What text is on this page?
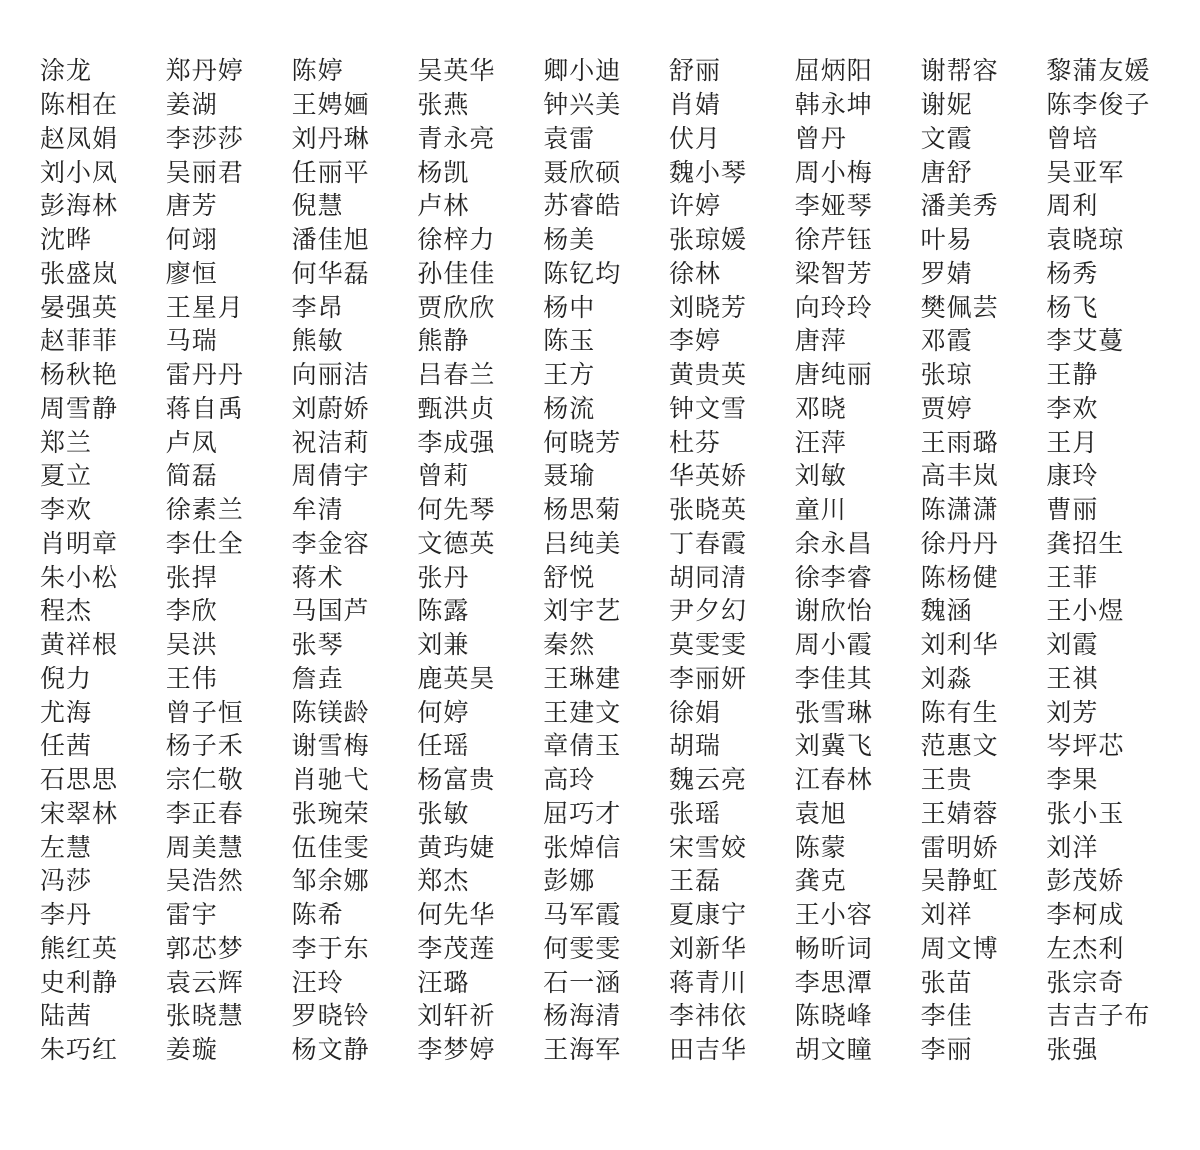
涂龙	郑丹婷	陈婷	吴英华	卿小迪	舒丽	屈炳阳	谢帮容	黎蒲友媛
陈相在	姜湖	王娉婳	张燕	钟兴美	肖婧	韩永坤	谢妮	陈李俊子
赵凤娟	李莎莎	刘丹琳	青永亮	袁雷	伏月	曾丹	文霞	曾培
刘小凤	吴丽君	任丽平	杨凯	聂欣硕	魏小琴	周小梅	唐舒	吴亚军
彭海林	唐芳	倪慧	卢林	苏睿皓	许婷	李娅琴	潘美秀	周利
沈晔	何翊	潘佳旭	徐梓力	杨美	张琼媛	徐芹钰	叶易	袁晓琼
张盛岚	廖恒	何华磊	孙佳佳	陈钇均	徐林	梁智芳	罗婧	杨秀
晏强英	王星月	李昂	贾欣欣	杨中	刘晓芳	向玲玲	樊佩芸	杨飞
赵菲菲	马瑞	熊敏	熊静	陈玉	李婷	唐萍	邓霞	李艾蔓
杨秋艳	雷丹丹	向丽洁	吕春兰	王方	黄贵英	唐纯丽	张琼	王静
周雪静	蒋自禹	刘蔚娇	甄洪贞	杨流	钟文雪	邓晓	贾婷	李欢
郑兰	卢凤	祝洁莉	李成强	何晓芳	杜芬	汪萍	王雨璐	王月
夏立	简磊	周倩宇	曾莉	聂瑜	华英娇	刘敏	高丰岚	康玲
李欢	徐素兰	牟清	何先琴	杨思菊	张晓英	童川	陈潇潇	曹丽
肖明章	李仕全	李金容	文德英	吕纯美	丁春霞	余永昌	徐丹丹	龚招生
朱小松	张捍	蒋术	张丹	舒悦	胡同清	徐李睿	陈杨健	王菲
程杰	李欣	马国芦	陈露	刘宇艺	尹夕幻	谢欣怡	魏涵	王小煜
黄祥根	吴洪	张琴	刘兼	秦然	莫雯雯	周小霞	刘利华	刘霞
倪力	王伟	詹垚	鹿英昊	王琳建	李丽妍	李佳其	刘淼	王祺
尤海	曾子恒	陈镁龄	何婷	王建文	徐娟	张雪琳	陈有生	刘芳
任茜	杨子禾	谢雪梅	任瑶	章倩玉	胡瑞	刘冀飞	范惠文	岑坪芯
石思思	宗仁敬	肖驰弋	杨富贵	高玲	魏云亮	江春林	王贵	李果
宋翠林	李正春	张琬荣	张敏	屈巧才	张瑶	袁旭	王婧蓉	张小玉
左慧	周美慧	伍佳雯	黄玙婕	张焯信	宋雪姣	陈蒙	雷明娇	刘洋
冯莎	吴浩然	邹余娜	郑杰	彭娜	王磊	龚克	吴静虹	彭茂娇
李丹	雷宇	陈希	何先华	马军霞	夏康宁	王小容	刘祥	李柯成
熊红英	郭芯梦	李于东	李茂莲	何雯雯	刘新华	畅昕词	周文博	左杰利
史利静	袁云辉	汪玲	汪璐	石一涵	蒋青川	李思潭	张苗	张宗奇
陆茜	张晓慧	罗晓铃	刘轩祈	杨海清	李祎依	陈晓峰	李佳	吉吉子布
朱巧红	姜璇	杨文静	李梦婷	王海军	田吉华	胡文瞳	李丽	张强
